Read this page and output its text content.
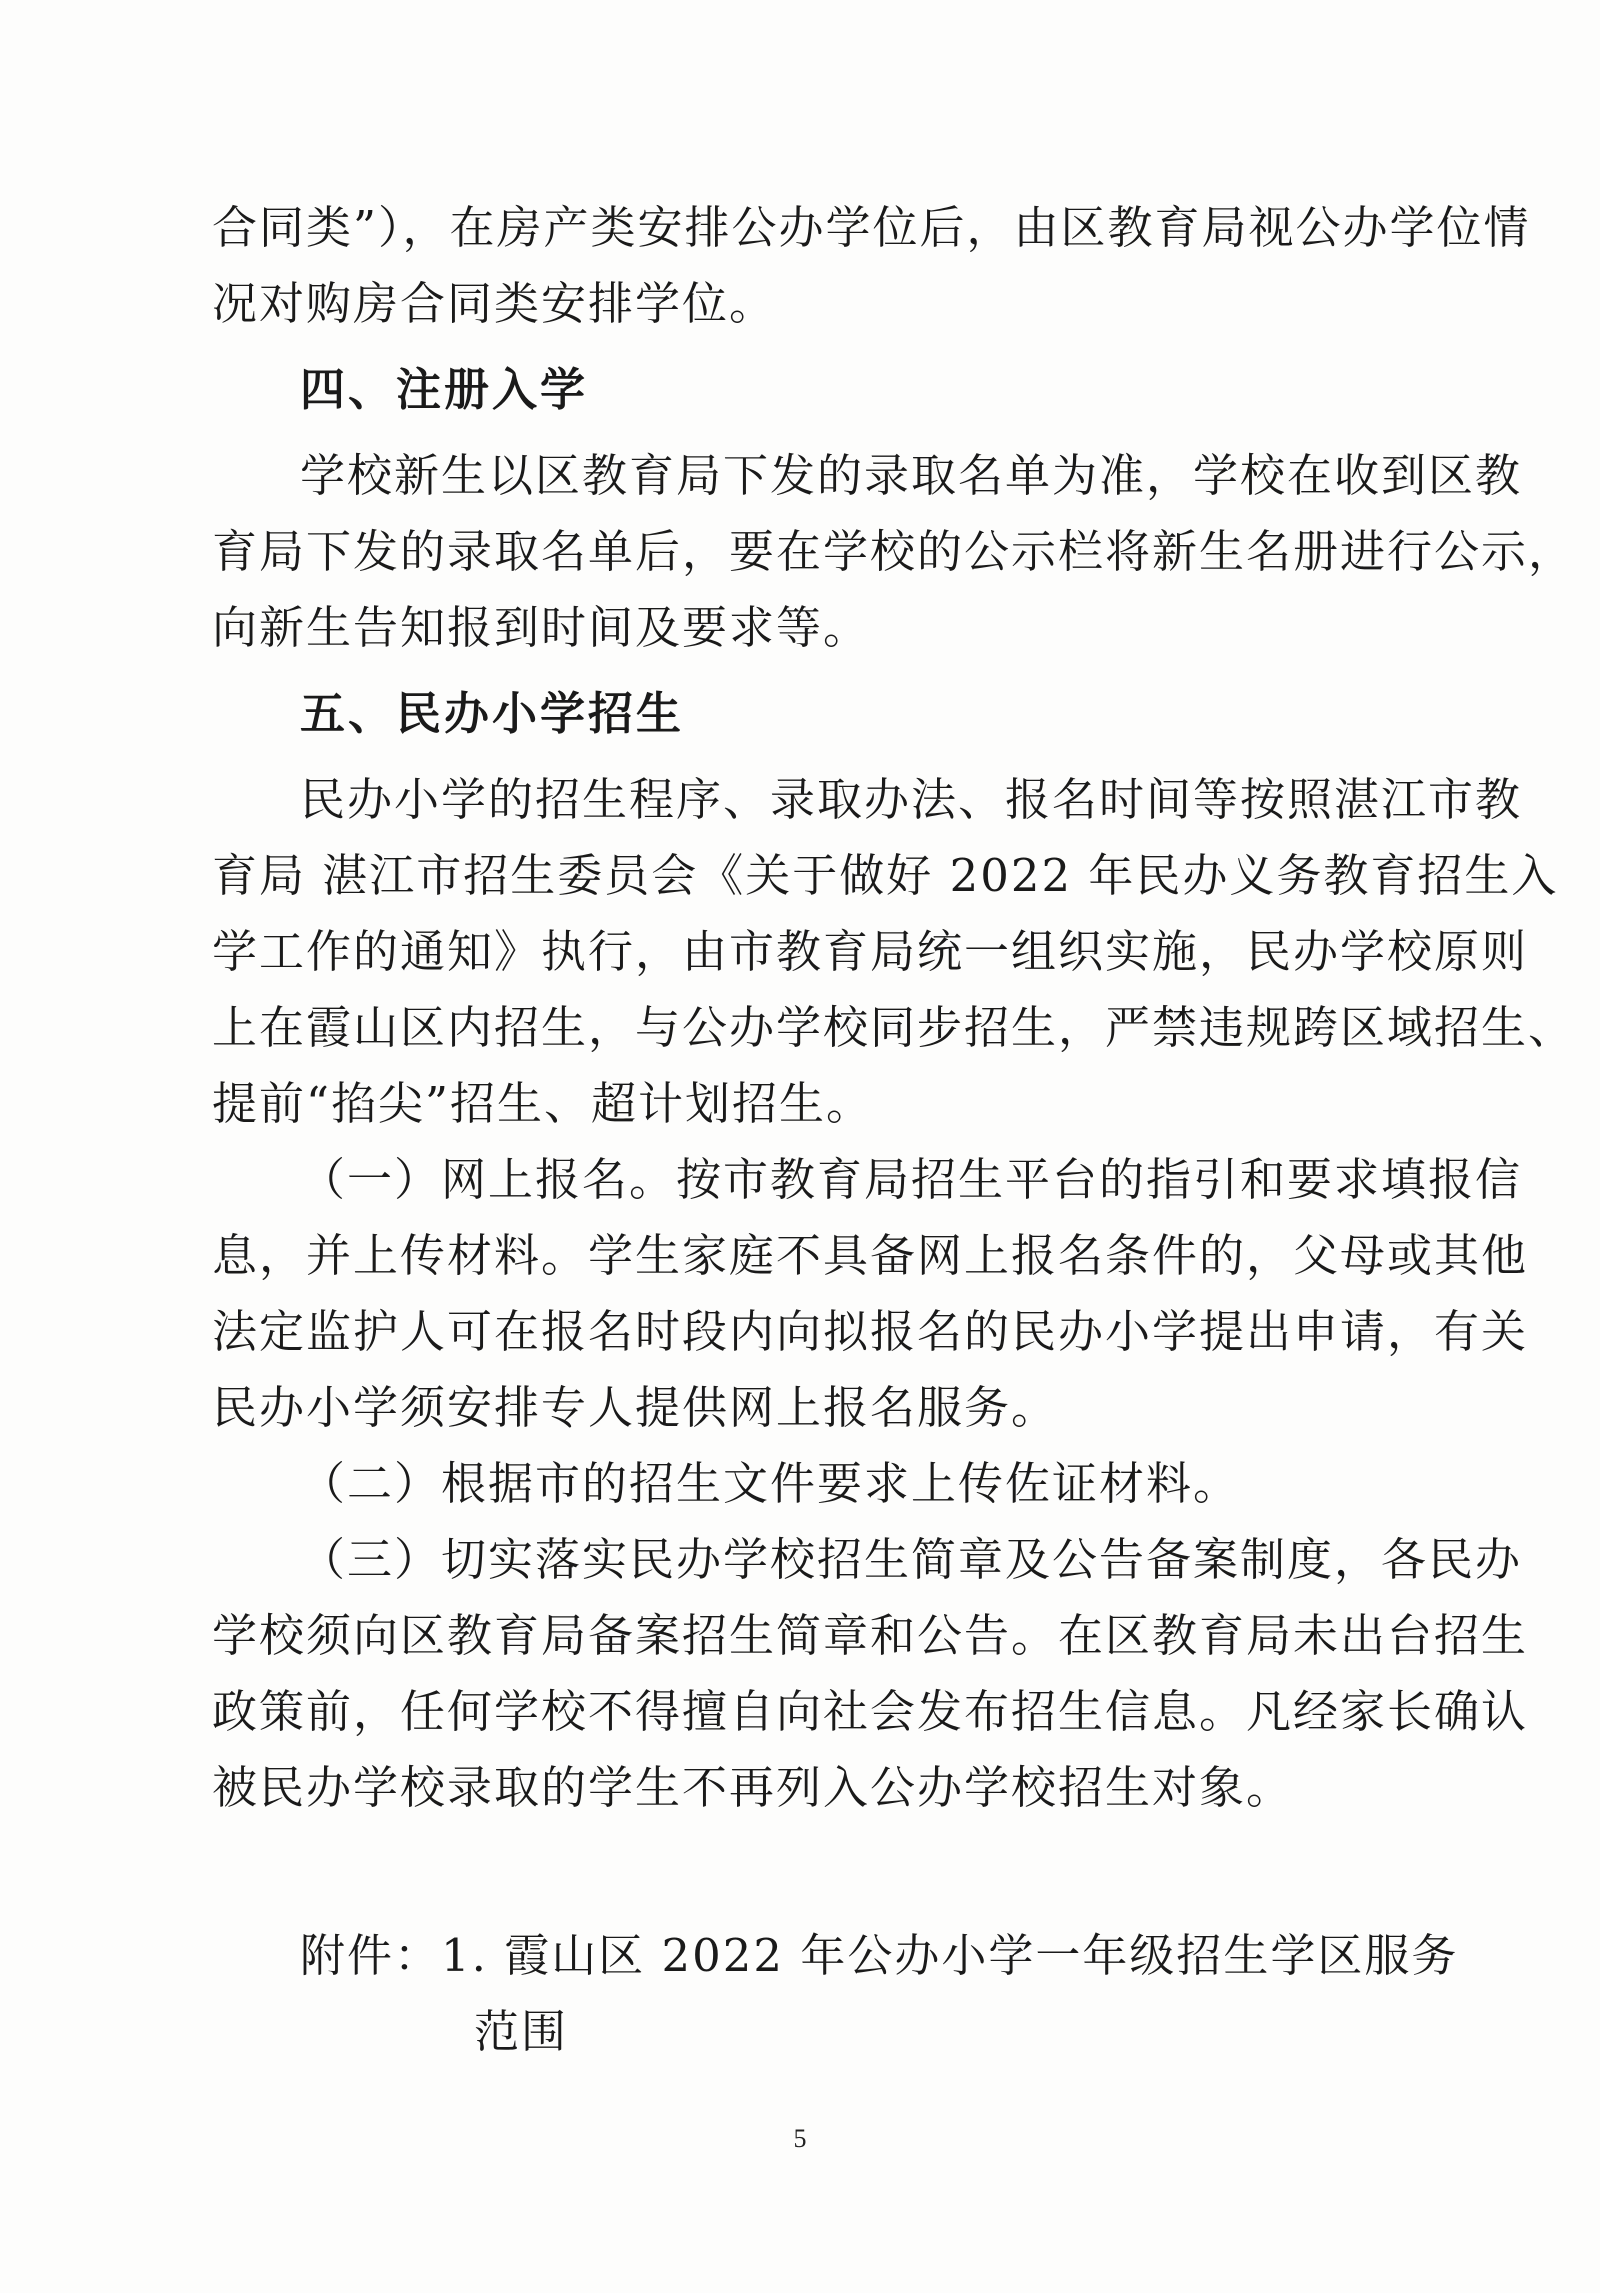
合同类”），在房产类安排公办学位后，由区教育局视公办学位情
况对购房合同类安排学位。
四、注册入学
学校新生以区教育局下发的录取名单为准，学校在收到区教
育局下发的录取名单后，要在学校的公示栏将新生名册进行公示，
向新生告知报到时间及要求等。
五、民办小学招生
民办小学的招生程序、录取办法、报名时间等按照湛江市教
育局 湛江市招生委员会《关于做好 2022 年民办义务教育招生入
学工作的通知》执行，由市教育局统一组织实施，民办学校原则
上在霞山区内招生，与公办学校同步招生，严禁违规跨区域招生、
提前“掐尖”招生、超计划招生。
（一）网上报名。按市教育局招生平台的指引和要求填报信
息，并上传材料。学生家庭不具备网上报名条件的，父母或其他
法定监护人可在报名时段内向拟报名的民办小学提出申请，有关
民办小学须安排专人提供网上报名服务。
（二）根据市的招生文件要求上传佐证材料。
（三）切实落实民办学校招生简章及公告备案制度，各民办
学校须向区教育局备案招生简章和公告。在区教育局未出台招生
政策前，任何学校不得擅自向社会发布招生信息。凡经家长确认
被民办学校录取的学生不再列入公办学校招生对象。
附件：1. 霞山区 2022 年公办小学一年级招生学区服务
范围
5
